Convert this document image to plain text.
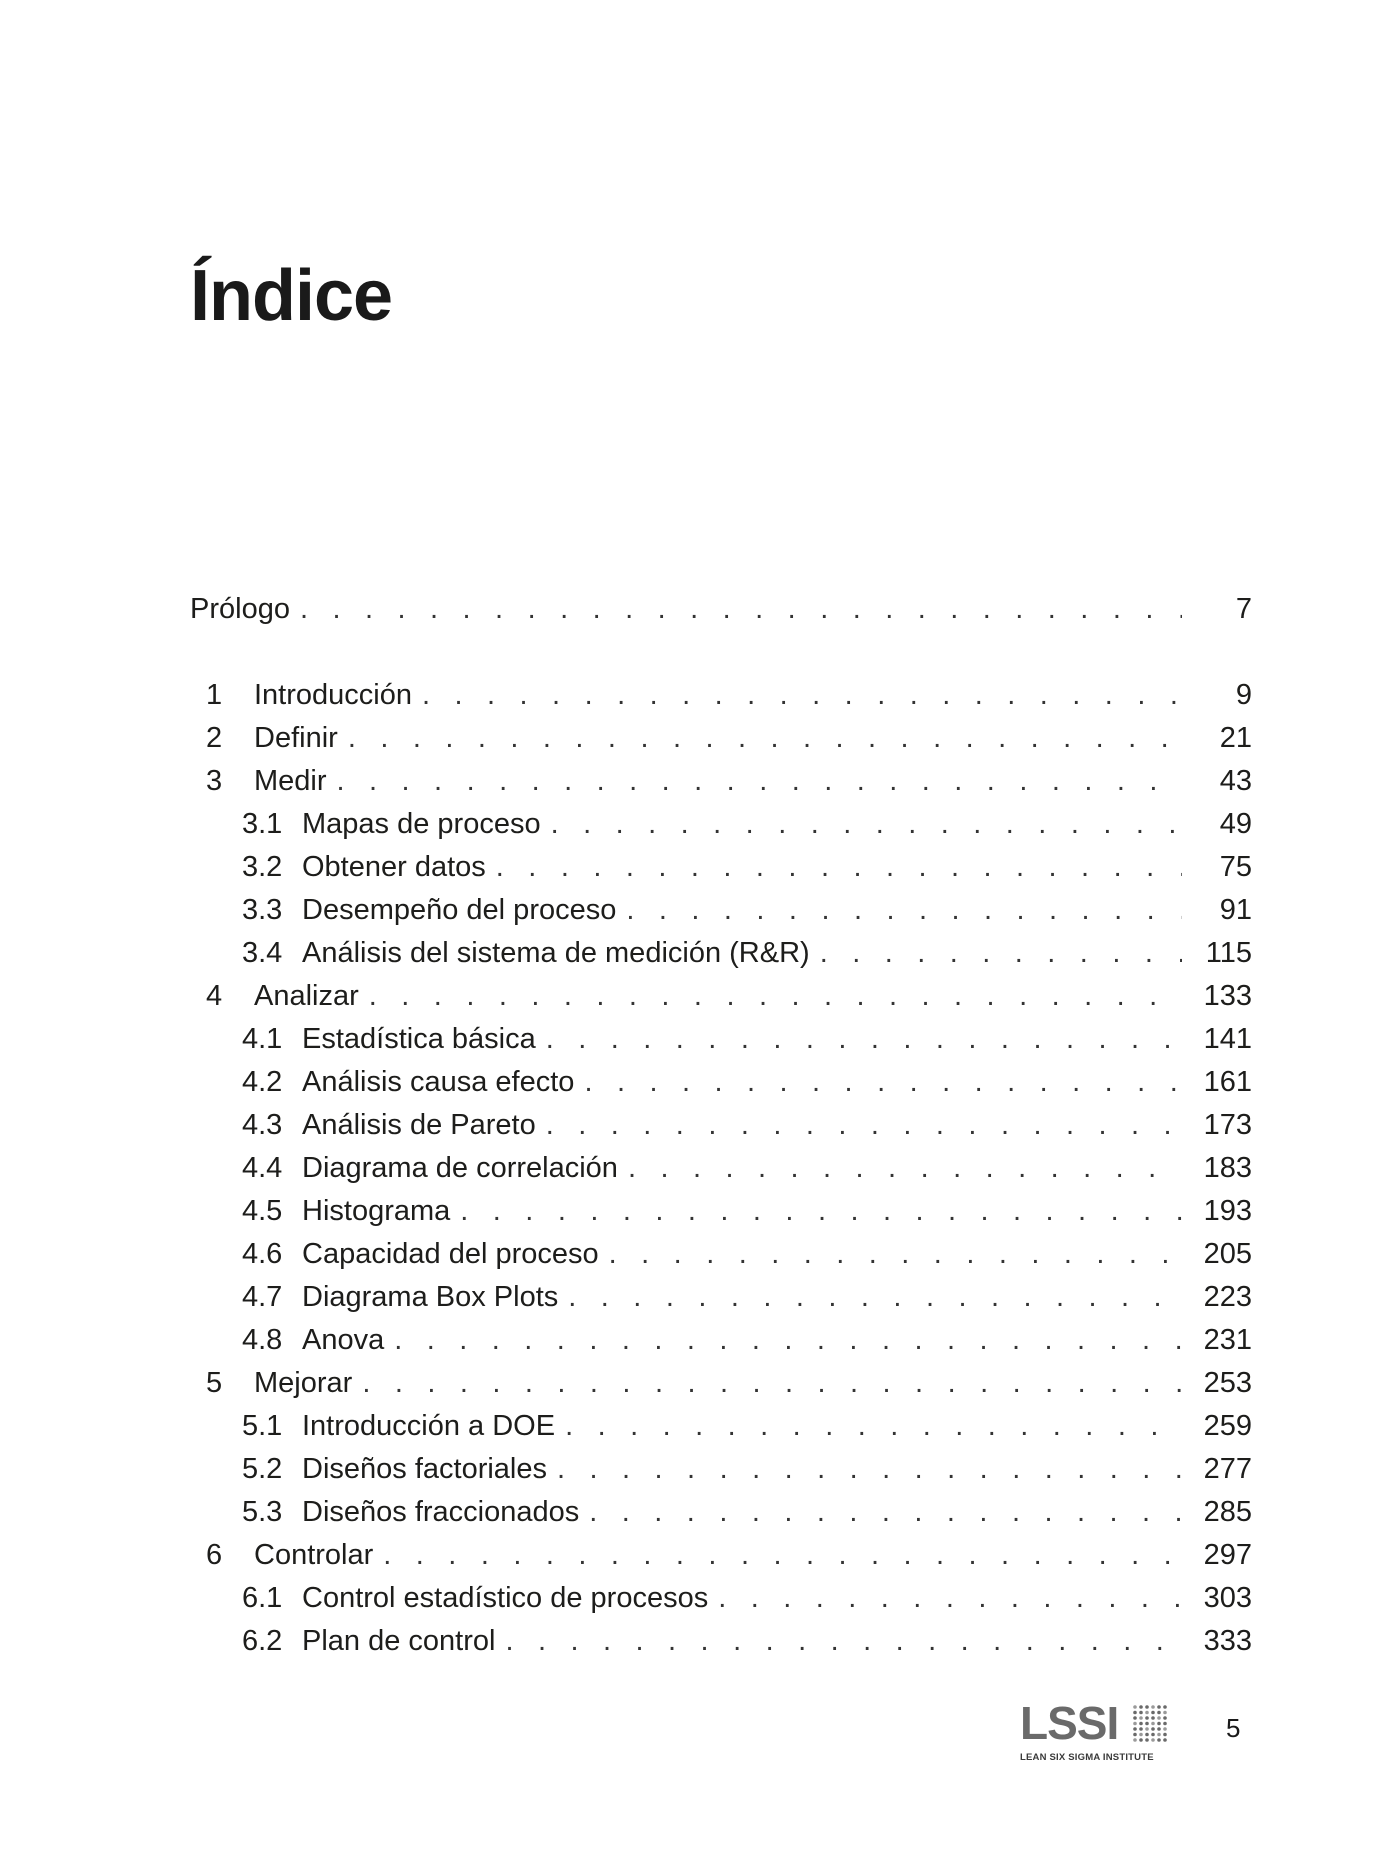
Índice
Prólogo . . .	7
1	Introducción . . .	9
2	Definir . . .	21
3	Medir . . .	43
3.1 Mapas de proceso . . .	49
3.2 Obtener datos . . .	75
3.3 Desempeño del proceso . . .	91
3.4 Análisis del sistema de medición (R&R) . . .	115
4	Analizar . . .	133
4.1 Estadística básica . . .	141
4.2 Análisis causa efecto . . .	161
4.3 Análisis de Pareto . . .	173
4.4 Diagrama de correlación . . .	183
4.5 Histograma . . .	193
4.6 Capacidad del proceso . . .	205
4.7 Diagrama Box Plots . . .	223
4.8 Anova . . .	231
5	Mejorar . . .	253
5.1 Introducción a DOE . . .	259
5.2 Diseños factoriales . . .	277
5.3 Diseños fraccionados . . .	285
6	Controlar . . .	297
6.1 Control estadístico de procesos . . .	303
6.2 Plan de control . . .	333
LSSI
LEAN SIX SIGMA INSTITUTE
5
